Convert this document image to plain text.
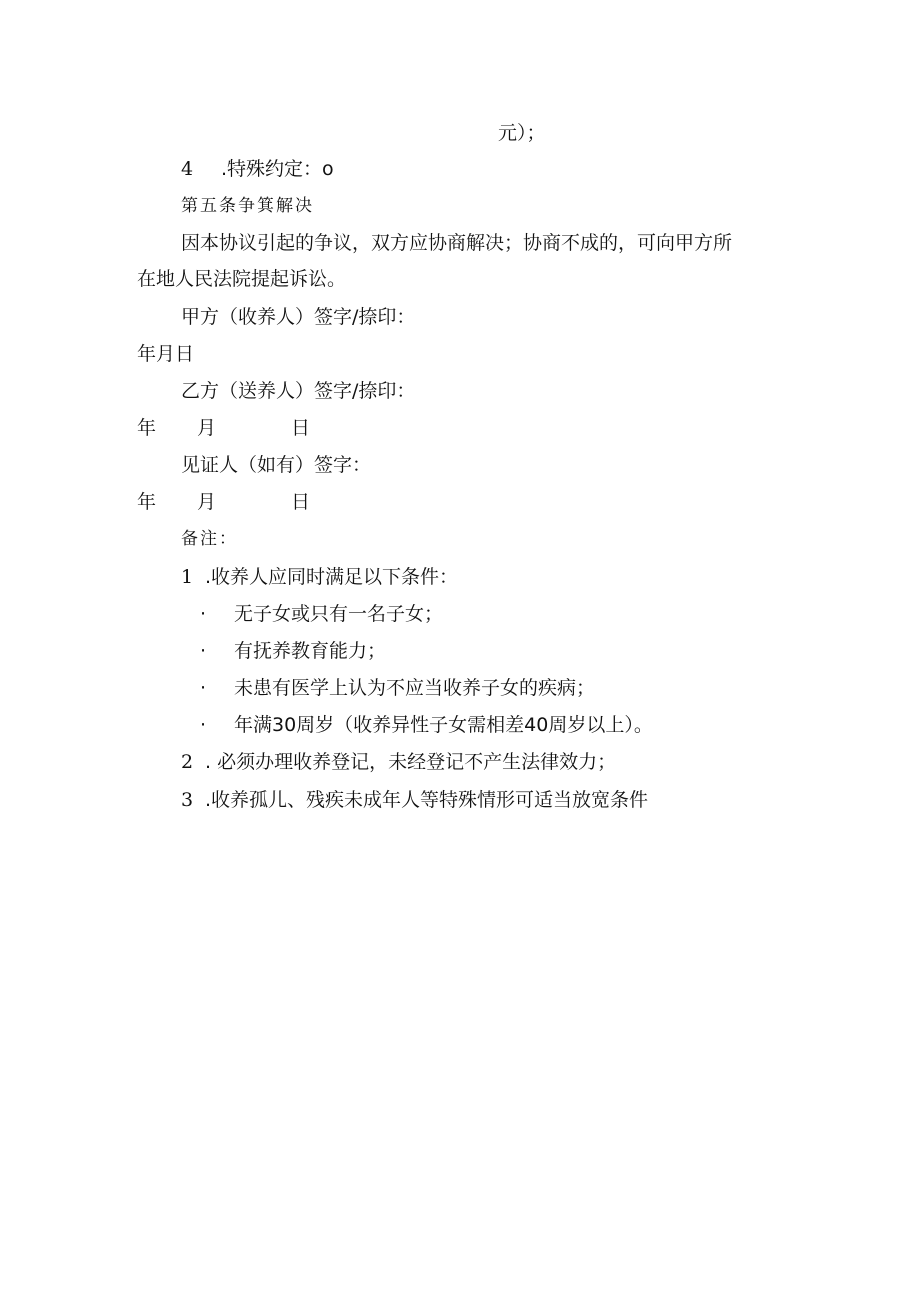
元）；
4 .特殊约定：o
第五条争箕解决
因本协议引起的争议，双方应协商解决；协商不成的，可向甲方所
在地人民法院提起诉讼。
甲方（收养人）签字/捺印：
年月日
乙方（送养人）签字/捺印：
年 月	日
见证人（如有）签字：
年 月	日
备注：
1 .收养人应同时满足以下条件：
· 无子女或只有一名子女；
· 有抚养教育能力；
· 未患有医学上认为不应当收养子女的疾病；
· 年满30周岁（收养异性子女需相差40周岁以上）。
2 . 必须办理收养登记，未经登记不产生法律效力；
3 .收养孤儿、残疾未成年人等特殊情形可适当放宽条件
